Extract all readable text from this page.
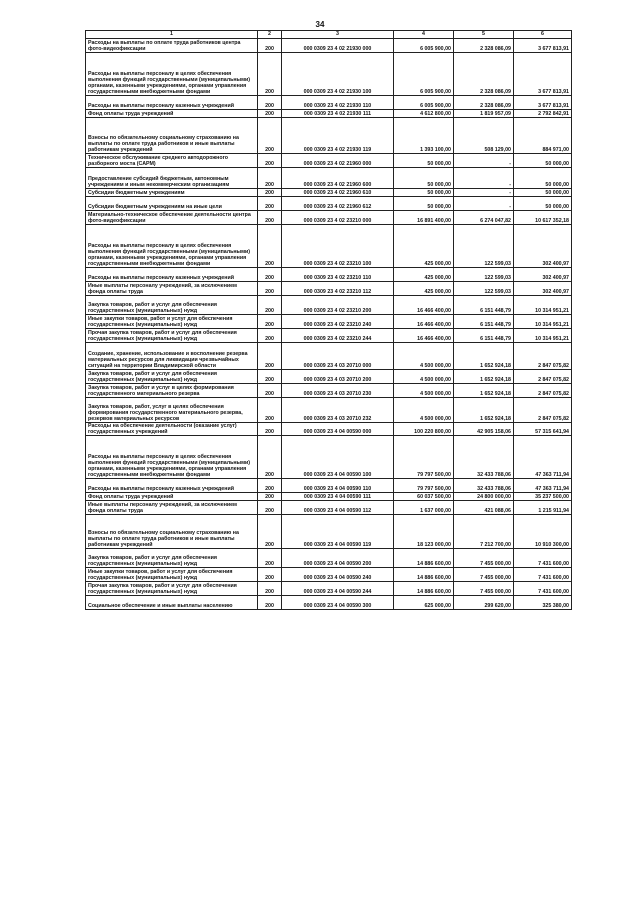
34
1	2	3	4	5	6
Расходы на выплаты по оплате труда работников центра фото-видеофиксации	200	000 0309 23 4 02 21930 000	6 005 900,00	2 328 086,09	3 677 813,91
Расходы на выплаты персоналу в целях обеспечения выполнения функций государственными (муниципальными) органами, казенными учреждениями, органами управления государственными внебюджетными фондами	200	000 0309 23 4 02 21930 100	6 005 900,00	2 328 086,09	3 677 813,91
Расходы на выплаты персоналу казенных учреждений	200	000 0309 23 4 02 21930 110	6 005 900,00	2 328 086,09	3 677 813,91
Фонд оплаты труда учреждений	200	000 0309 23 4 02 21930 111	4 612 800,00	1 819 957,09	2 792 842,91
Взносы по обязательному социальному страхованию на выплаты по оплате труда работников и иные выплаты работникам учреждений	200	000 0309 23 4 02 21930 119	1 393 100,00	508 129,00	884 971,00
Техническое обслуживание среднего автодорожного разборного моста (САРМ)	200	000 0309 23 4 02 21960 000	50 000,00	-	50 000,00
Предоставление субсидий бюджетным, автономным учреждениям и иным некоммерческим организациям	200	000 0309 23 4 02 21960 600	50 000,00	-	50 000,00
Субсидии бюджетным учреждениям	200	000 0309 23 4 02 21960 610	50 000,00	-	50 000,00
Субсидии бюджетным учреждениям на иные цели	200	000 0309 23 4 02 21960 612	50 000,00	-	50 000,00
Материально-техническое обеспечение деятельности центра фото-видеофиксации	200	000 0309 23 4 02 23210 000	16 891 400,00	6 274 047,82	10 617 352,18
Расходы на выплаты персоналу в целях обеспечения выполнения функций государственными (муниципальными) органами, казенными учреждениями, органами управления государственными внебюджетными фондами	200	000 0309 23 4 02 23210 100	425 000,00	122 599,03	302 400,97
Расходы на выплаты персоналу казенных учреждений	200	000 0309 23 4 02 23210 110	425 000,00	122 599,03	302 400,97
Иные выплаты персоналу учреждений, за исключением фонда оплаты труда	200	000 0309 23 4 02 23210 112	425 000,00	122 599,03	302 400,97
Закупка товаров, работ и услуг для обеспечения государственных (муниципальных) нужд	200	000 0309 23 4 02 23210 200	16 466 400,00	6 151 448,79	10 314 951,21
Иные закупки товаров, работ и услуг для обеспечения государственных (муниципальных) нужд	200	000 0309 23 4 02 23210 240	16 466 400,00	6 151 448,79	10 314 951,21
Прочая закупка товаров, работ и услуг для обеспечения государственных (муниципальных) нужд	200	000 0309 23 4 02 23210 244	16 466 400,00	6 151 448,79	10 314 951,21
Создание, хранение, использование и восполнение резерва материальных ресурсов для ликвидации чрезвычайных ситуаций на территории Владимирской области	200	000 0309 23 4 03 20710 000	4 500 000,00	1 652 924,18	2 847 075,82
Закупка товаров, работ и услуг для обеспечения государственных (муниципальных) нужд	200	000 0309 23 4 03 20710 200	4 500 000,00	1 652 924,18	2 847 075,82
Закупка товаров, работ и услуг в целях формирования государственного материального резерва	200	000 0309 23 4 03 20710 230	4 500 000,00	1 652 924,18	2 847 075,82
Закупка товаров, работ, услуг в целях обеспечения формирования государственного материального резерва, резервов материальных ресурсов	200	000 0309 23 4 03 20710 232	4 500 000,00	1 652 924,18	2 847 075,82
Расходы на обеспечение деятельности (оказание услуг) государственных учреждений	200	000 0309 23 4 04 00590 000	100 220 800,00	42 905 158,06	57 315 641,94
Расходы на выплаты персоналу в целях обеспечения выполнения функций государственными (муниципальными) органами, казенными учреждениями, органами управления государственными внебюджетными фондами	200	000 0309 23 4 04 00590 100	79 797 500,00	32 433 788,06	47 363 711,94
Расходы на выплаты персоналу казенных учреждений	200	000 0309 23 4 04 00590 110	79 797 500,00	32 433 788,06	47 363 711,94
Фонд оплаты труда учреждений	200	000 0309 23 4 04 00590 111	60 037 500,00	24 800 000,00	35 237 500,00
Иные выплаты персоналу учреждений, за исключением фонда оплаты труда	200	000 0309 23 4 04 00590 112	1 637 000,00	421 088,06	1 215 911,94
Взносы по обязательному социальному страхованию на выплаты по оплате труда работников и иные выплаты работникам учреждений	200	000 0309 23 4 04 00590 119	18 123 000,00	7 212 700,00	10 910 300,00
Закупка товаров, работ и услуг для обеспечения государственных (муниципальных) нужд	200	000 0309 23 4 04 00590 200	14 886 600,00	7 455 000,00	7 431 600,00
Иные закупки товаров, работ и услуг для обеспечения государственных (муниципальных) нужд	200	000 0309 23 4 04 00590 240	14 886 600,00	7 455 000,00	7 431 600,00
Прочая закупка товаров, работ и услуг для обеспечения государственных (муниципальных) нужд	200	000 0309 23 4 04 00590 244	14 886 600,00	7 455 000,00	7 431 600,00
Социальное обеспечение и иные выплаты населению	200	000 0309 23 4 04 00590 300	625 000,00	299 620,00	325 380,00
